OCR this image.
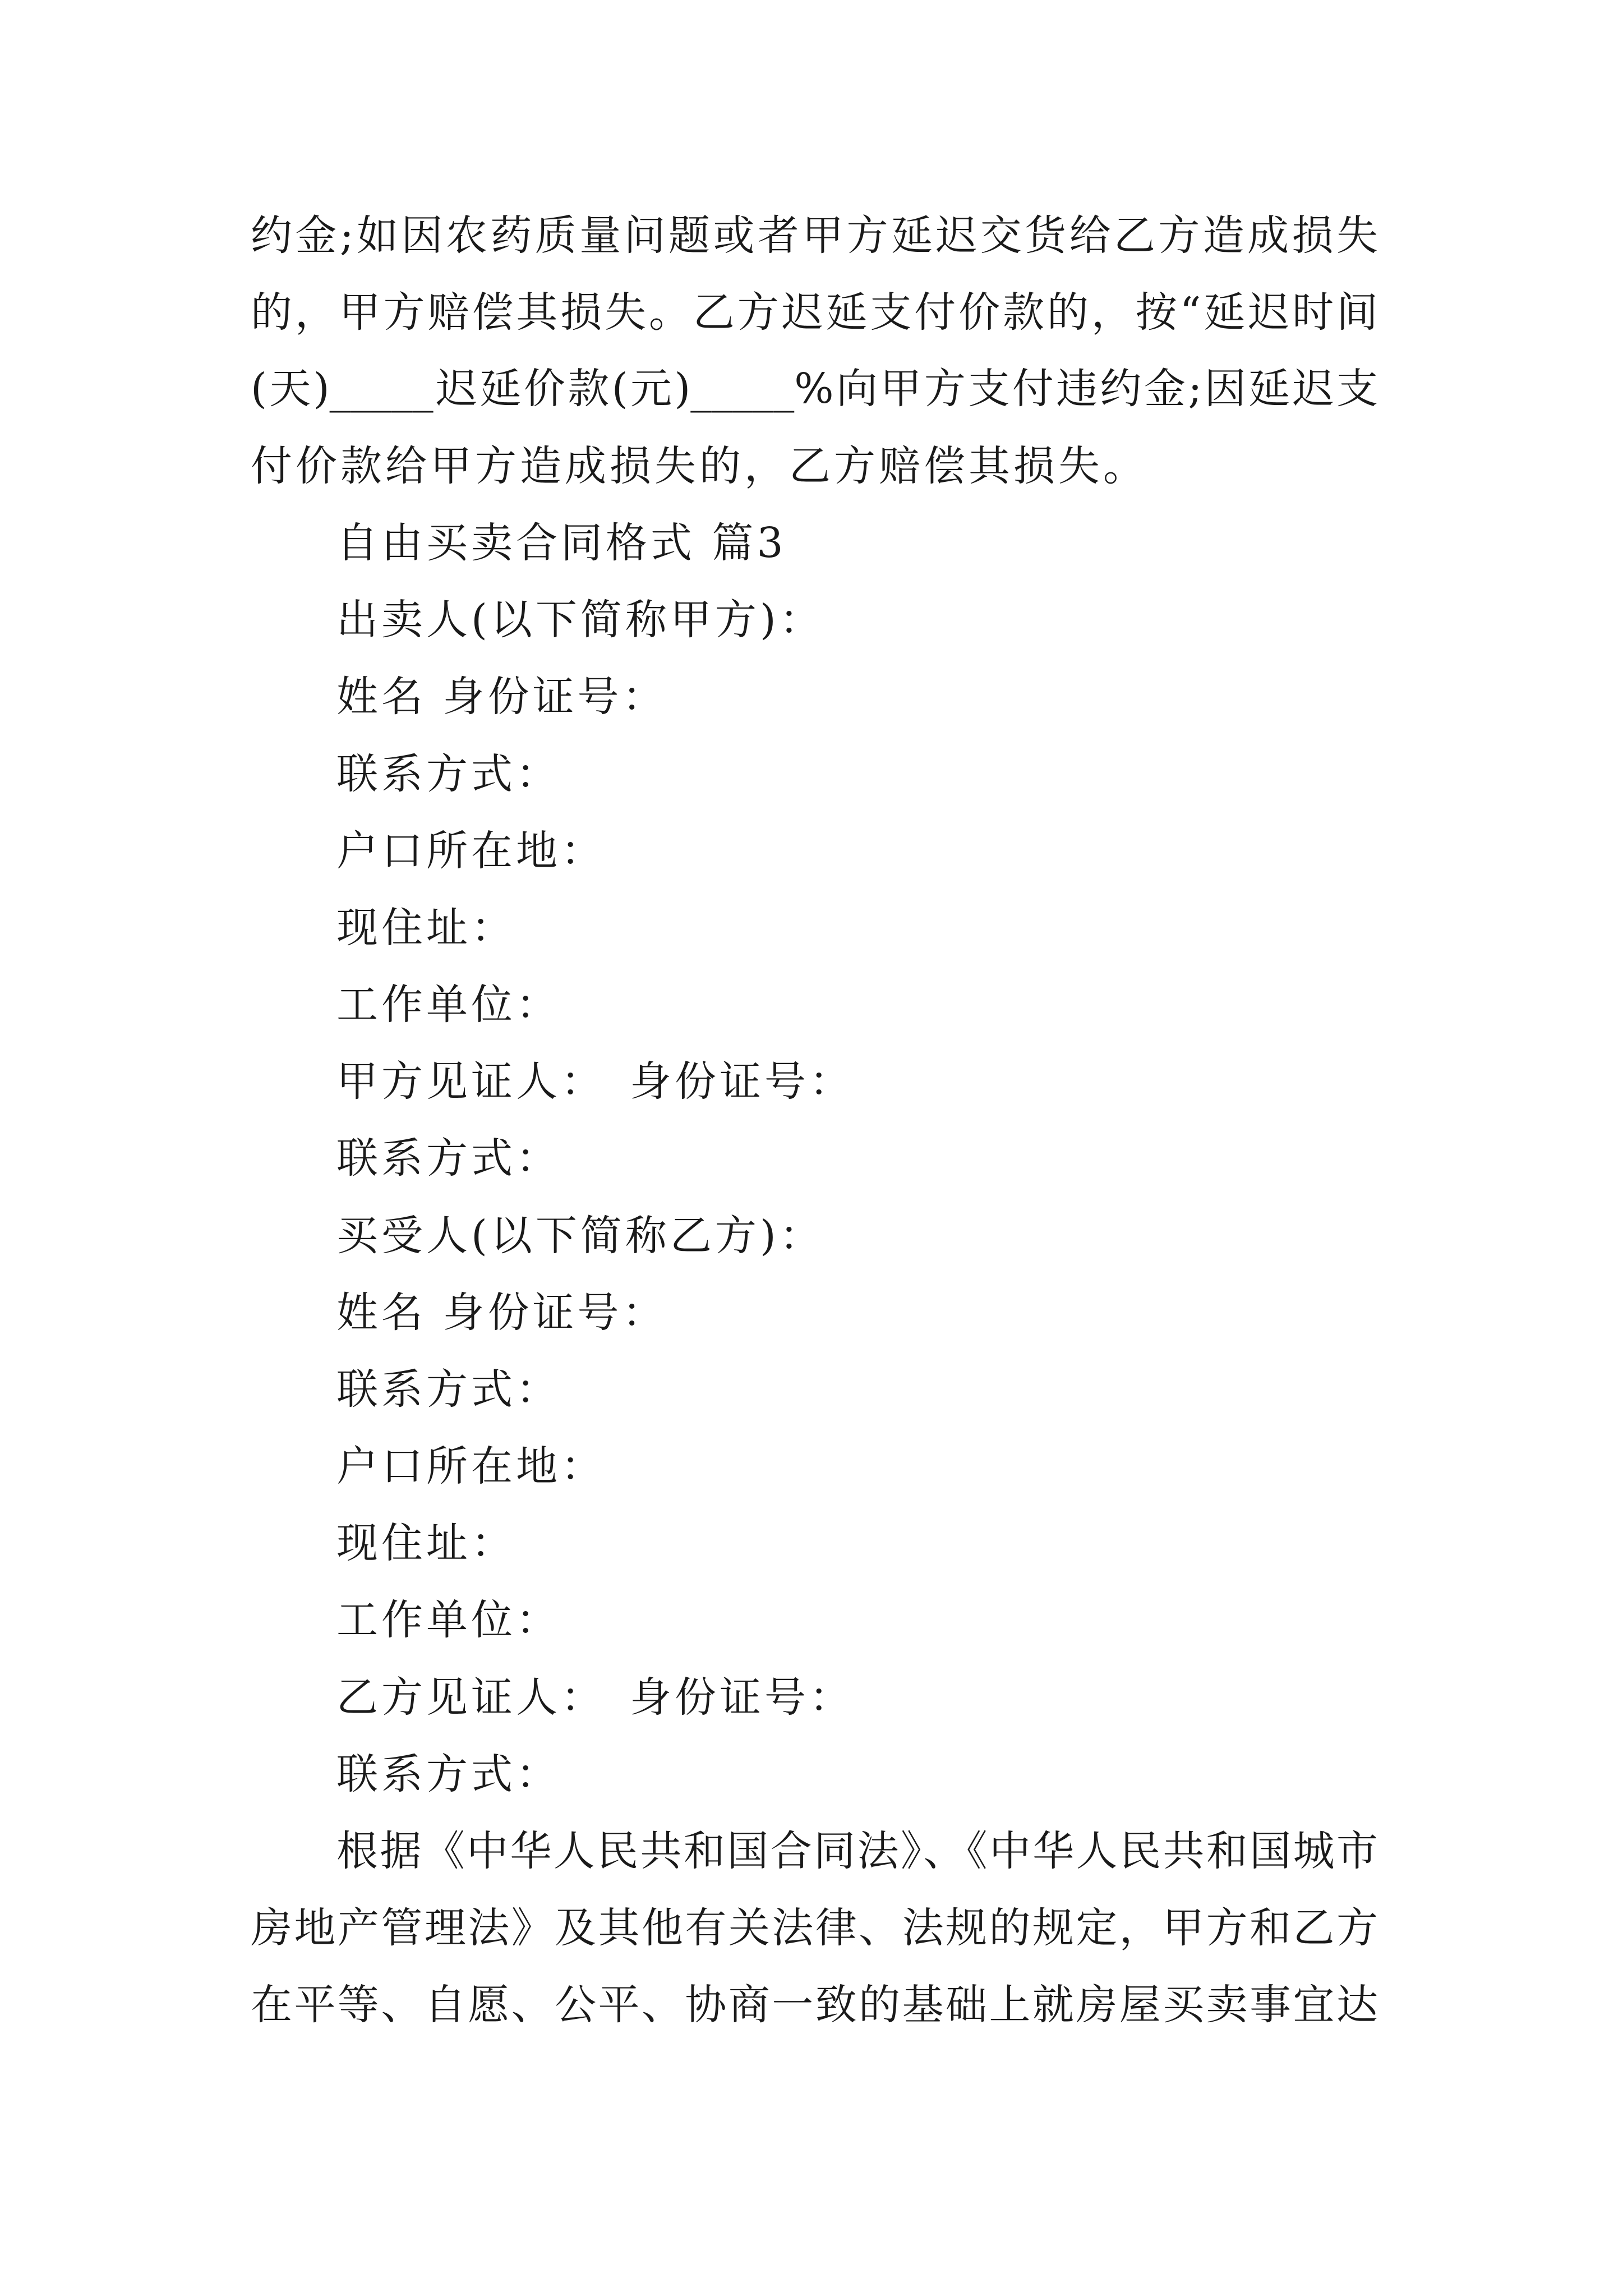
约金;如因农药质量问题或者甲方延迟交货给乙方造成损失
的，甲方赔偿其损失。乙方迟延支付价款的，按“延迟时间
(天)_____迟延价款(元)_____%向甲方支付违约金;因延迟支
付价款给甲方造成损失的，乙方赔偿其损失。
自由买卖合同格式 篇3
出卖人(以下简称甲方)：
姓名 身份证号：
联系方式：
户口所在地：
现住址：
工作单位：
甲方见证人：　身份证号：
联系方式：
买受人(以下简称乙方)：
姓名 身份证号：
联系方式：
户口所在地：
现住址：
工作单位：
乙方见证人：　身份证号：
联系方式：
根据《中华人民共和国合同法》、《中华人民共和国城市
房地产管理法》及其他有关法律、法规的规定，甲方和乙方
在平等、自愿、公平、协商一致的基础上就房屋买卖事宜达
